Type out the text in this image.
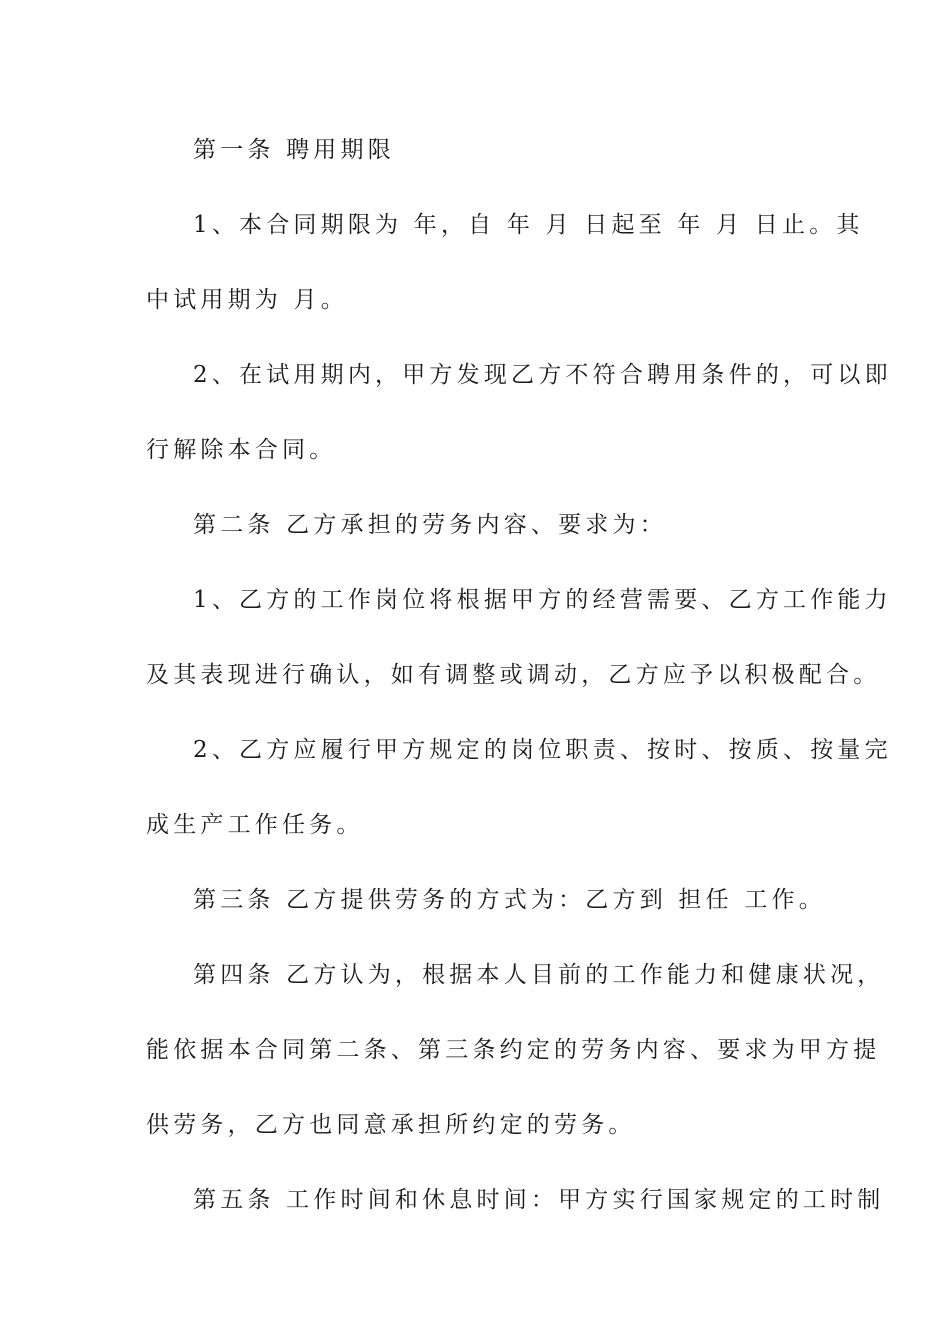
第一条 聘用期限
1、本合同期限为 年，自 年 月 日起至 年 月 日止。其
中试用期为 月。
2、在试用期内，甲方发现乙方不符合聘用条件的，可以即
行解除本合同。
第二条 乙方承担的劳务内容、要求为：
1、乙方的工作岗位将根据甲方的经营需要、乙方工作能力
及其表现进行确认，如有调整或调动，乙方应予以积极配合。
2、乙方应履行甲方规定的岗位职责、按时、按质、按量完
成生产工作任务。
第三条 乙方提供劳务的方式为：乙方到 担任 工作。
第四条 乙方认为，根据本人目前的工作能力和健康状况，
能依据本合同第二条、第三条约定的劳务内容、要求为甲方提
供劳务，乙方也同意承担所约定的劳务。
第五条 工作时间和休息时间：甲方实行国家规定的工时制
